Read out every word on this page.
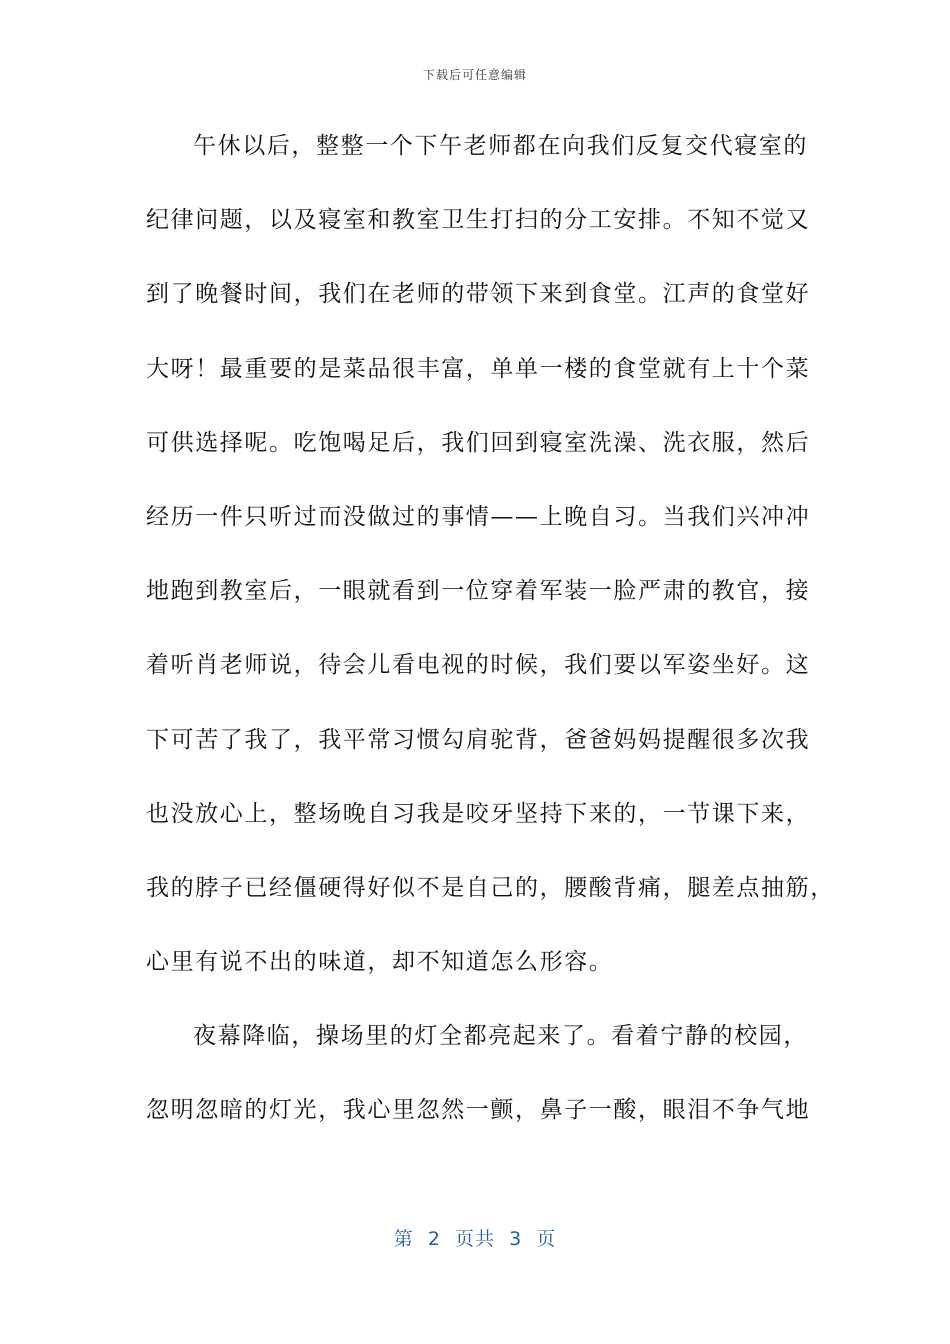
下载后可任意编辑
午休以后，整整一个下午老师都在向我们反复交代寝室的
纪律问题，以及寝室和教室卫生打扫的分工安排。不知不觉又
到了晚餐时间，我们在老师的带领下来到食堂。江声的食堂好
大呀！最重要的是菜品很丰富，单单一楼的食堂就有上十个菜
可供选择呢。吃饱喝足后，我们回到寝室洗澡、洗衣服，然后
经历一件只听过而没做过的事情——上晚自习。当我们兴冲冲
地跑到教室后，一眼就看到一位穿着军装一脸严肃的教官，接
着听肖老师说，待会儿看电视的时候，我们要以军姿坐好。这
下可苦了我了，我平常习惯勾肩驼背，爸爸妈妈提醒很多次我
也没放心上，整场晚自习我是咬牙坚持下来的，一节课下来，
我的脖子已经僵硬得好似不是自己的，腰酸背痛，腿差点抽筋，
心里有说不出的味道，却不知道怎么形容。
夜幕降临，操场里的灯全都亮起来了。看着宁静的校园，
忽明忽暗的灯光，我心里忽然一颤，鼻子一酸，眼泪不争气地
第  2  页共  3  页
